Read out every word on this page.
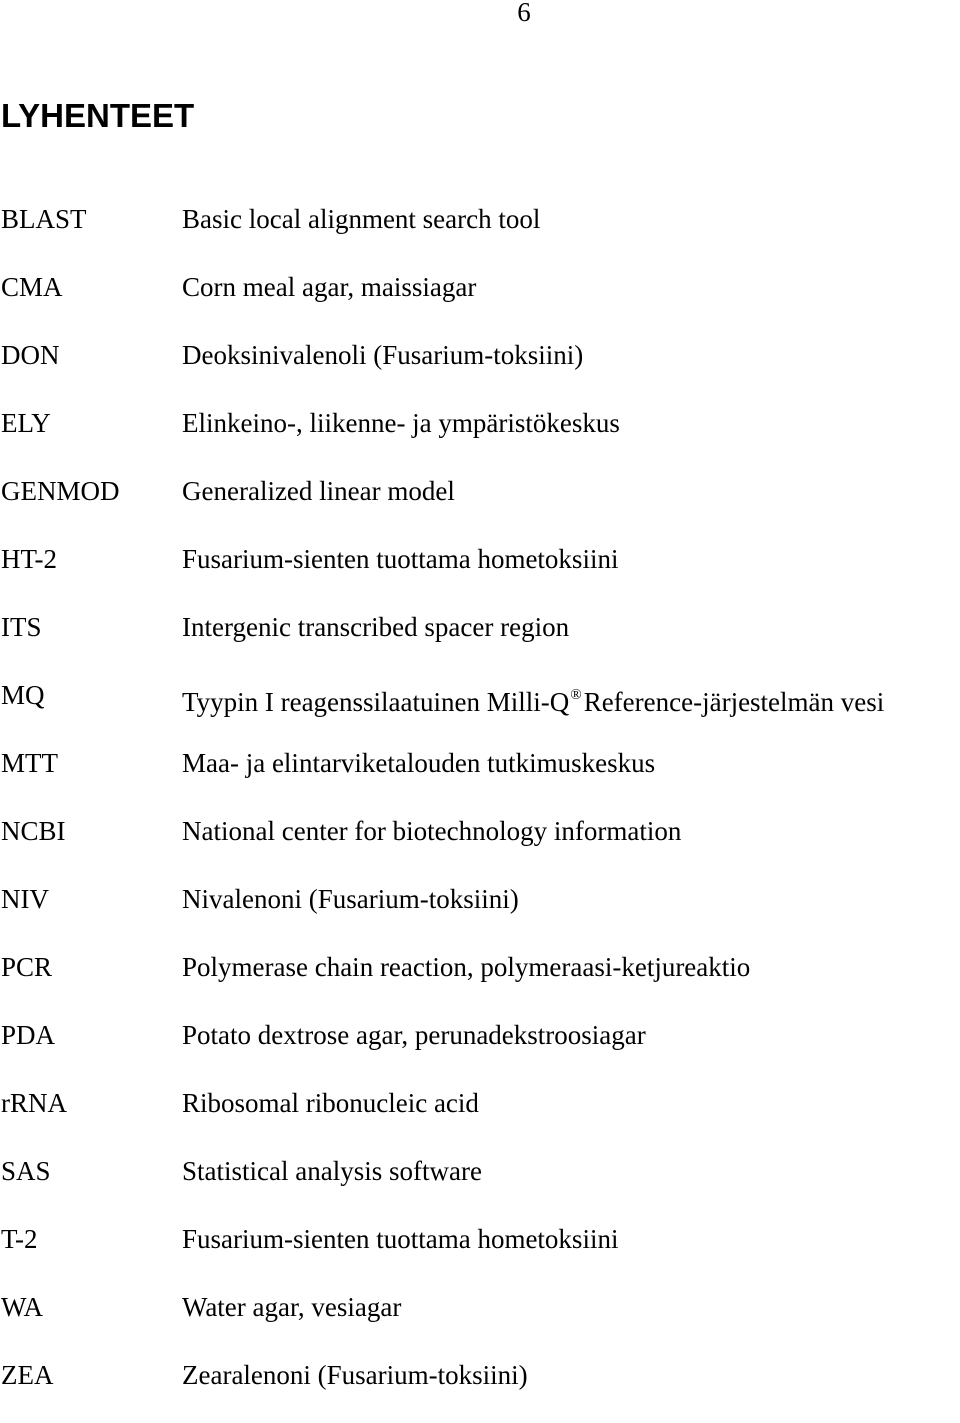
6
LYHENTEET
BLAST	Basic local alignment search tool
CMA	Corn meal agar, maissiagar
DON	Deoksinivalenoli (Fusarium-toksiini)
ELY	Elinkeino-, liikenne- ja ympäristökeskus
GENMOD Generalized linear model
HT-2	Fusarium-sienten tuottama hometoksiini
ITS	Intergenic transcribed spacer region
MQ	Tyypin I reagenssilaatuinen Milli-Q®Reference-järjestelmän vesi
MTT	Maa- ja elintarviketalouden tutkimuskeskus
NCBI	National center for biotechnology information
NIV	Nivalenoni (Fusarium-toksiini)
PCR	Polymerase chain reaction, polymeraasi-ketjureaktio
PDA	Potato dextrose agar, perunadekstroosiagar
rRNA	Ribosomal ribonucleic acid
SAS	Statistical analysis software
T-2	Fusarium-sienten tuottama hometoksiini
WA	Water agar, vesiagar
ZEA	Zearalenoni (Fusarium-toksiini)
